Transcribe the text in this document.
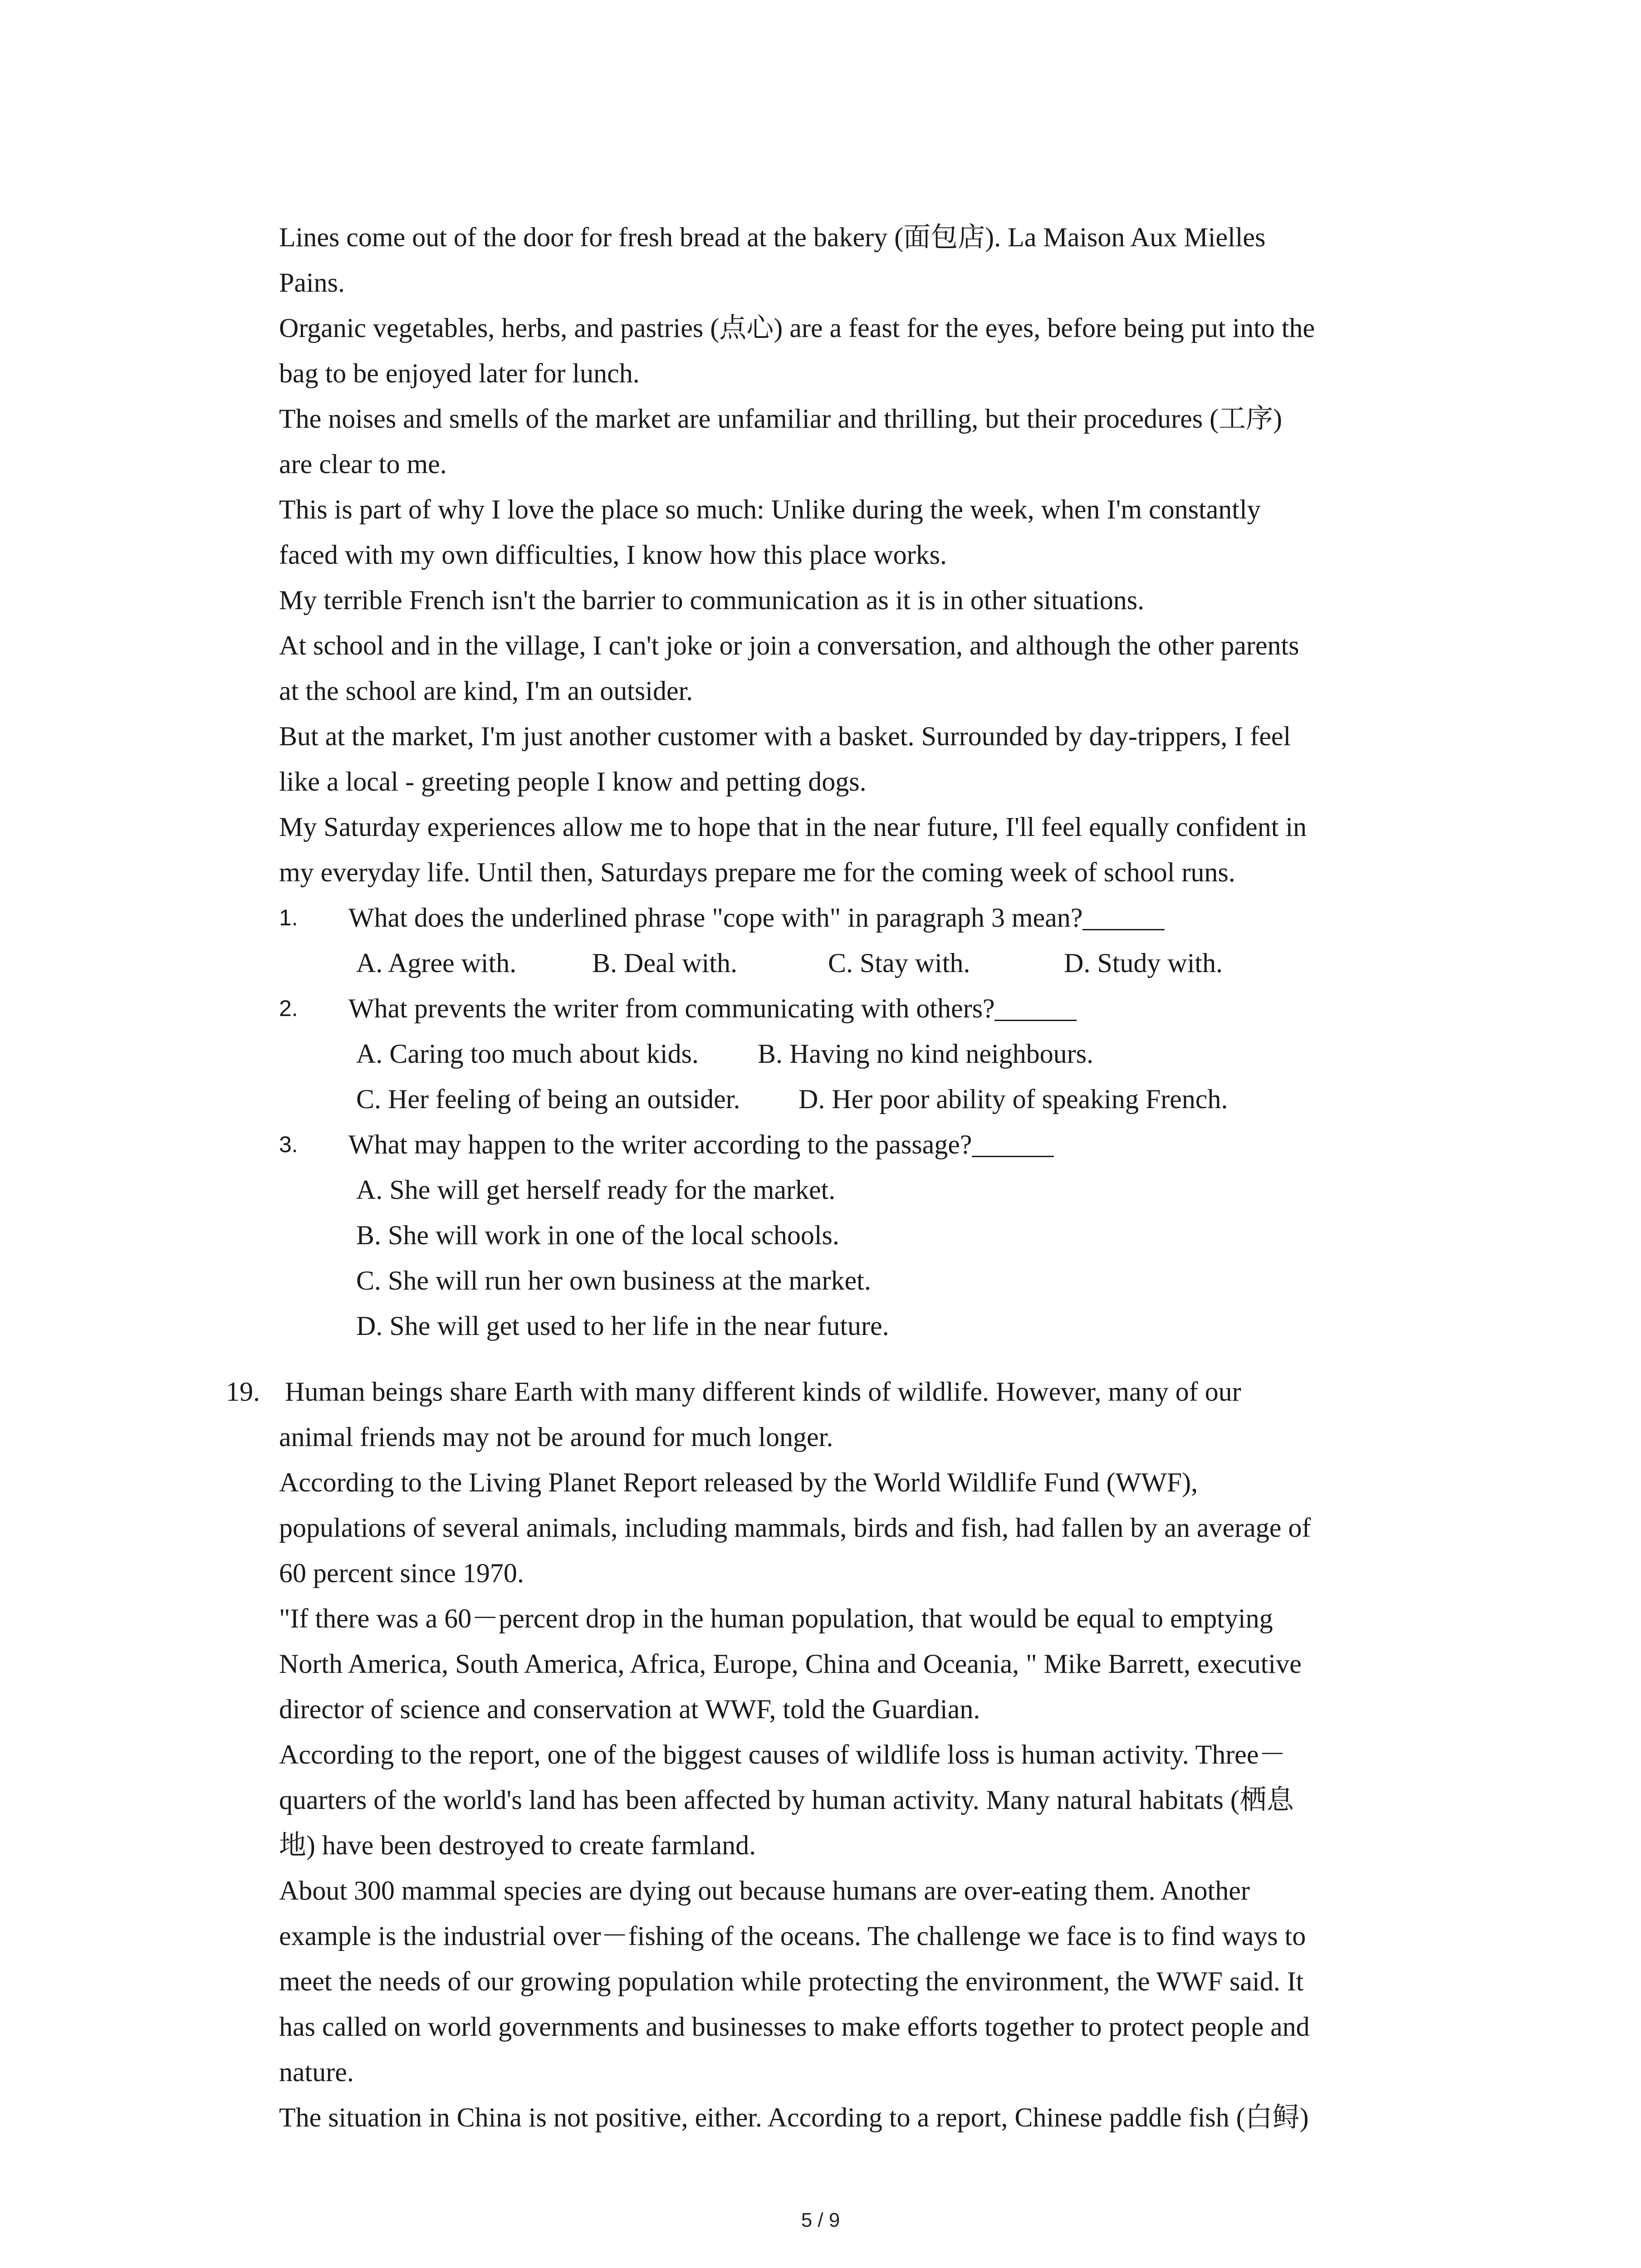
Lines come out of the door for fresh bread at the bakery (面包店). La Maison Aux Mielles
Pains.
Organic vegetables, herbs, and pastries (点心) are a feast for the eyes, before being put into the
bag to be enjoyed later for lunch.
The noises and smells of the market are unfamiliar and thrilling, but their procedures (工序)
are clear to me.
This is part of why I love the place so much: Unlike during the week, when I'm constantly
faced with my own difficulties, I know how this place works.
My terrible French isn't the barrier to communication as it is in other situations.
At school and in the village, I can't joke or join a conversation, and although the other parents
at the school are kind, I'm an outsider.
But at the market, I'm just another customer with a basket. Surrounded by day-trippers, I feel
like a local - greeting people I know and petting dogs.
My Saturday experiences allow me to hope that in the near future, I'll feel equally confident in
my everyday life. Until then, Saturdays prepare me for the coming week of school runs.
1. What does the underlined phrase "cope with" in paragraph 3 mean?______
A. Agree with.	B. Deal with.	C. Stay with.	D. Study with.
2. What prevents the writer from communicating with others?______
A. Caring too much about kids. B. Having no kind neighbours.
C. Her feeling of being an outsider. D. Her poor ability of speaking French.
3. What may happen to the writer according to the passage?______
A. She will get herself ready for the market.
B. She will work in one of the local schools.
C. She will run her own business at the market.
D. She will get used to her life in the near future.
19. Human beings share Earth with many different kinds of wildlife. However, many of our
animal friends may not be around for much longer.
According to the Living Planet Report released by the World Wildlife Fund (WWF),
populations of several animals, including mammals, birds and fish, had fallen by an average of
60 percent since 1970.
"If there was a 60－percent drop in the human population, that would be equal to emptying
North America, South America, Africa, Europe, China and Oceania, " Mike Barrett, executive
director of science and conservation at WWF, told the Guardian.
According to the report, one of the biggest causes of wildlife loss is human activity. Three－
quarters of the world's land has been affected by human activity. Many natural habitats (栖息
地) have been destroyed to create farmland.
About 300 mammal species are dying out because humans are over-eating them. Another
example is the industrial over－fishing of the oceans. The challenge we face is to find ways to
meet the needs of our growing population while protecting the environment, the WWF said. It
has called on world governments and businesses to make efforts together to protect people and
nature.
The situation in China is not positive, either. According to a report, Chinese paddle fish (白鲟)
5 / 9
